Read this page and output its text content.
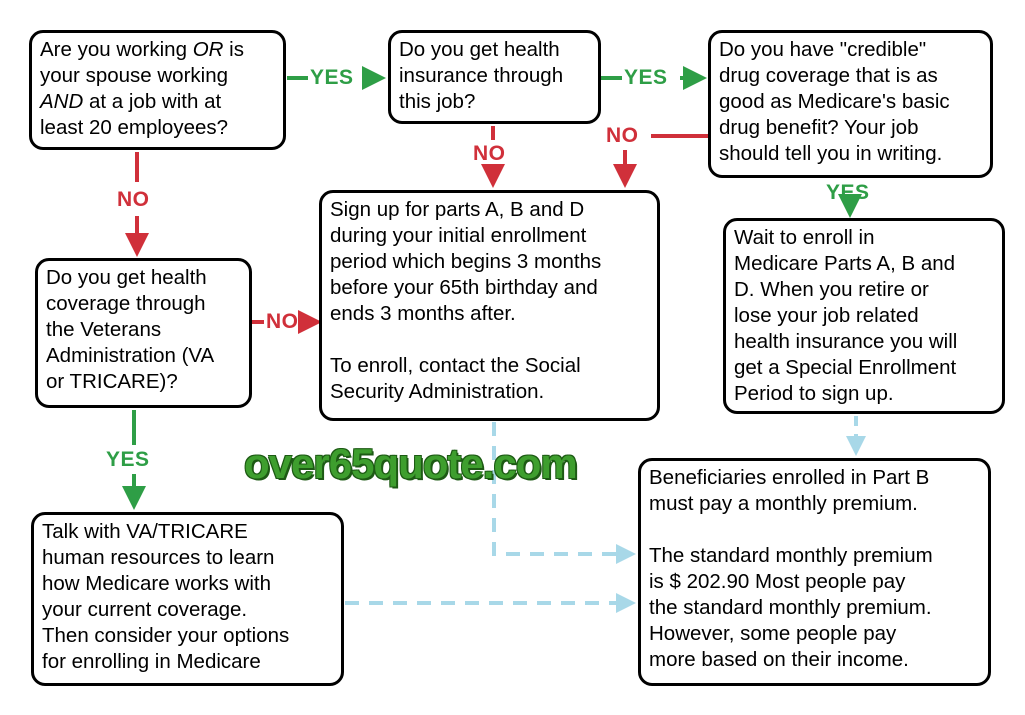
Are you working OR is
your spouse working
AND at a job with at
least 20 employees?

Do you get health
insurance through
this job?

Do you have "credible"
drug coverage that is as
good as Medicare's basic
drug benefit? Your job
should tell you in writing.

Do you get health
coverage through
the Veterans
Administration (VA
or TRICARE)?

Sign up for parts A, B and D
during your initial enrollment
period which begins 3 months
before your 65th birthday and
ends 3 months after.

To enroll, contact the Social
Security Administration.

Wait to enroll in
Medicare Parts A, B and
D. When you retire or
lose your job related
health insurance you will
get a Special Enrollment
Period to sign up.

Talk with VA/TRICARE
human resources to learn
how Medicare works with
your current coverage.
Then consider your options
for enrolling in Medicare

Beneficiaries enrolled in Part B
must pay a monthly premium.

The standard monthly premium
is $ 202.90 Most people pay
the standard monthly premium.
However, some people pay
more based on their income.

YES	YES
YES
YES
NO
NO
NO
NO
over65quote.com
